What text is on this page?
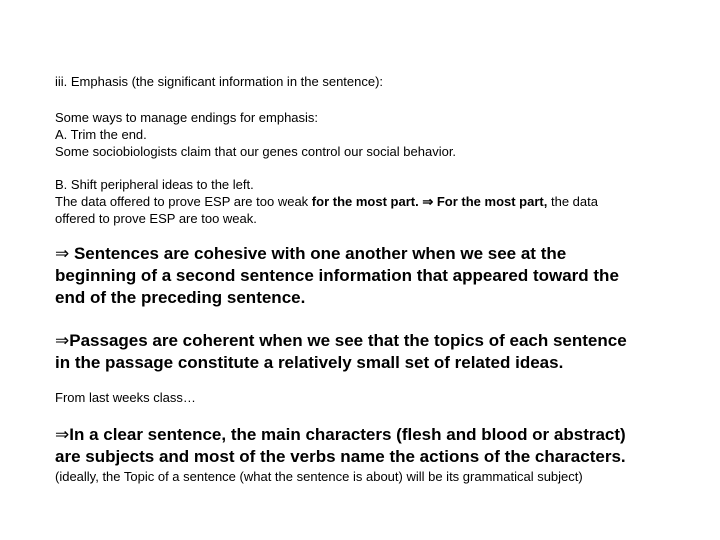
iii. Emphasis (the significant information in the sentence):

Some ways to manage endings for emphasis:
A. Trim the end.
Some sociobiologists claim that our genes control our social behavior.
B. Shift peripheral ideas to the left.
The data offered to prove ESP are too weak for the most part. ⇒ For the most part, the data
offered to prove ESP are too weak.
⇒ Sentences are cohesive with one another when we see at the
beginning of a second sentence information that appeared toward the
end of the preceding sentence.
⇒Passages are coherent when we see that the topics of each sentence
in the passage constitute a relatively small set of related ideas.

From last weeks class…

⇒In a clear sentence, the main characters (flesh and blood or abstract)
are subjects and most of the verbs name the actions of the characters.
(ideally, the Topic of a sentence (what the sentence is about) will be its grammatical subject)
